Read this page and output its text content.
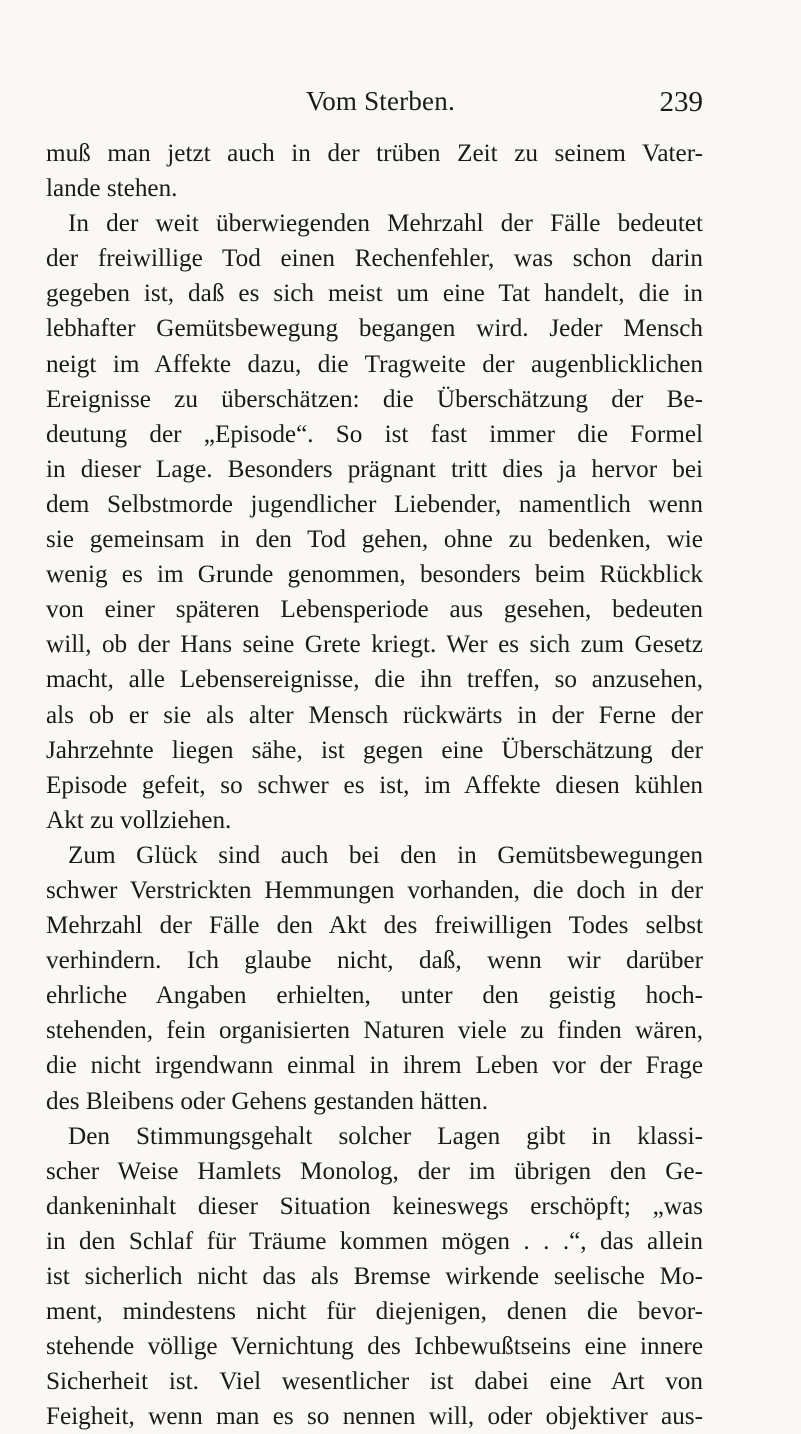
Vom Sterben.	239
muß man jetzt auch in der trüben Zeit zu seinem Vater-
lande stehen.
In der weit überwiegenden Mehrzahl der Fälle bedeutet
der freiwillige Tod einen Rechenfehler, was schon darin
gegeben ist, daß es sich meist um eine Tat handelt, die in
lebhafter Gemütsbewegung begangen wird. Jeder Mensch
neigt im Affekte dazu, die Tragweite der augenblicklichen
Ereignisse zu überschätzen: die Überschätzung der Be-
deutung der „Episode“. So ist fast immer die Formel
in dieser Lage. Besonders prägnant tritt dies ja hervor bei
dem Selbstmorde jugendlicher Liebender, namentlich wenn
sie gemeinsam in den Tod gehen, ohne zu bedenken, wie
wenig es im Grunde genommen, besonders beim Rückblick
von einer späteren Lebensperiode aus gesehen, bedeuten
will, ob der Hans seine Grete kriegt. Wer es sich zum Gesetz
macht, alle Lebensereignisse, die ihn treffen, so anzusehen,
als ob er sie als alter Mensch rückwärts in der Ferne der
Jahrzehnte liegen sähe, ist gegen eine Überschätzung der
Episode gefeit, so schwer es ist, im Affekte diesen kühlen
Akt zu vollziehen.
Zum Glück sind auch bei den in Gemütsbewegungen
schwer Verstrickten Hemmungen vorhanden, die doch in der
Mehrzahl der Fälle den Akt des freiwilligen Todes selbst
verhindern. Ich glaube nicht, daß, wenn wir darüber
ehrliche Angaben erhielten, unter den geistig hoch-
stehenden, fein organisierten Naturen viele zu finden wären,
die nicht irgendwann einmal in ihrem Leben vor der Frage
des Bleibens oder Gehens gestanden hätten.
Den Stimmungsgehalt solcher Lagen gibt in klassi-
scher Weise Hamlets Monolog, der im übrigen den Ge-
dankeninhalt dieser Situation keineswegs erschöpft; „was
in den Schlaf für Träume kommen mögen . . .“, das allein
ist sicherlich nicht das als Bremse wirkende seelische Mo-
ment, mindestens nicht für diejenigen, denen die bevor-
stehende völlige Vernichtung des Ichbewußtseins eine innere
Sicherheit ist. Viel wesentlicher ist dabei eine Art von
Feigheit, wenn man es so nennen will, oder objektiver aus-
